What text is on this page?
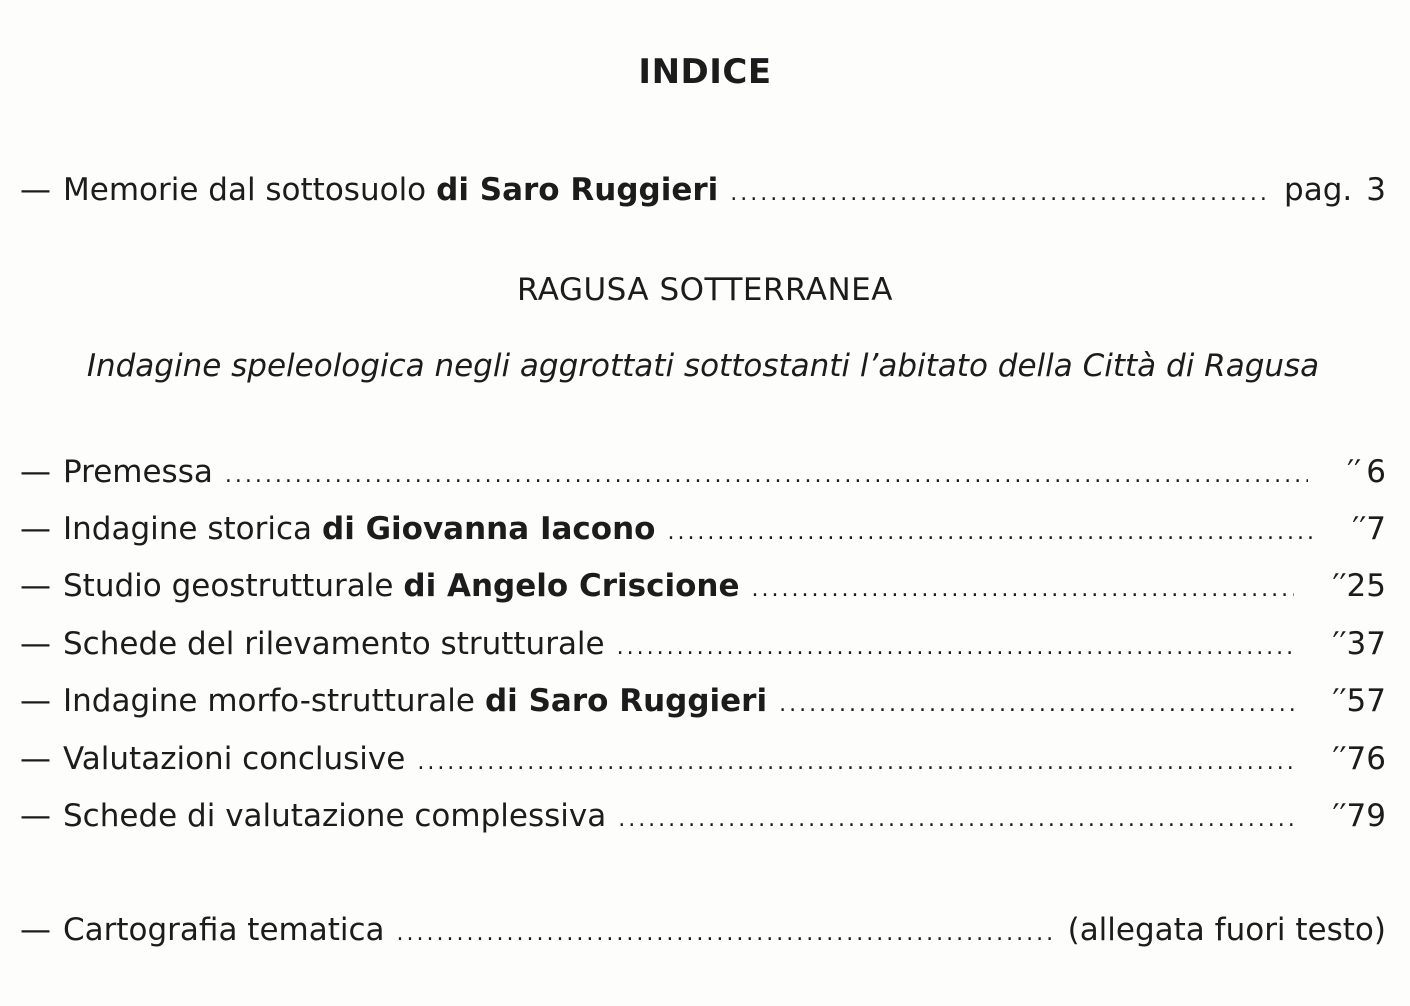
INDICE
— Memorie dal sottosuolo di Saro Ruggieri .....	pag. 3
RAGUSA SOTTERRANEA
Indagine speleologica negli aggrottati sottostanti l’abitato della Città di Ragusa
— Premessa .....	′′ 6
— Indagine storica di Giovanna Iacono .....	′′ 7
— Studio geostrutturale di Angelo Criscione .....	′′ 25
— Schede del rilevamento strutturale .....	′′ 37
— Indagine morfo-strutturale di Saro Ruggieri .....	′′ 57
— Valutazioni conclusive .....	′′ 76
— Schede di valutazione complessiva .....	′′ 79
— Cartografia tematica .....	(allegata fuori testo)
